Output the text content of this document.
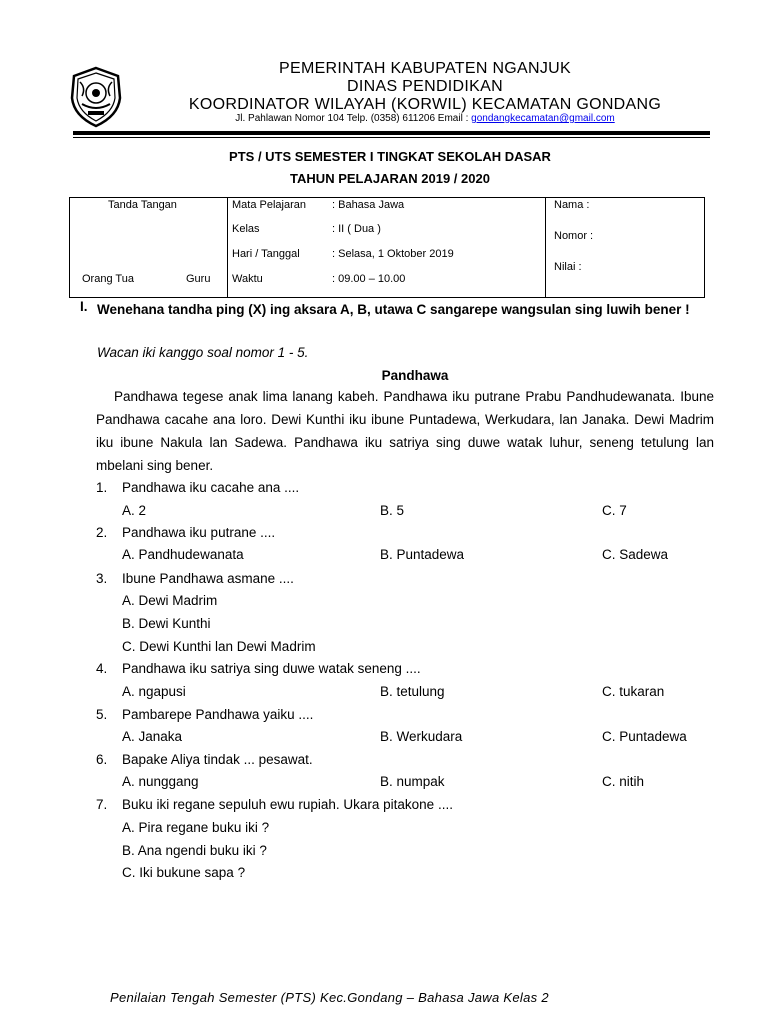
PEMERINTAH KABUPATEN NGANJUK
DINAS PENDIDIKAN
KOORDINATOR WILAYAH (KORWIL) KECAMATAN GONDANG
Jl. Pahlawan Nomor 104 Telp. (0358) 611206 Email : gondangkecamatan@gmail.com
PTS / UTS SEMESTER I TINGKAT SEKOLAH DASAR
TAHUN PELAJARAN 2019 / 2020
Tanda Tangan
Orang Tua	Guru
Mata Pelajaran : Bahasa Jawa
Kelas	: II ( Dua )
Hari / Tanggal	: Selasa, 1 Oktober 2019
Waktu	: 09.00 – 10.00
Nama :
Nomor :
Nilai :
I. Wenehana tandha ping (X) ing aksara A, B, utawa C sangarepe wangsulan sing luwih bener !
Wacan iki kanggo soal nomor 1 - 5.
Pandhawa
Pandhawa tegese anak lima lanang kabeh. Pandhawa iku putrane Prabu Pandhudewanata. Ibune Pandhawa cacahe ana loro. Dewi Kunthi iku ibune Puntadewa, Werkudara, lan Janaka. Dewi Madrim iku ibune Nakula lan Sadewa. Pandhawa iku satriya sing duwe watak luhur, seneng tetulung lan mbelani sing bener.
1. Pandhawa iku cacahe ana ....
A. 2	B. 5	C. 7
2. Pandhawa iku putrane ....
A. Pandhudewanata	B. Puntadewa	C. Sadewa
3. Ibune Pandhawa asmane ....
A. Dewi Madrim
B. Dewi Kunthi
C. Dewi Kunthi lan Dewi Madrim
4. Pandhawa iku satriya sing duwe watak seneng ....
A. ngapusi	B. tetulung	C. tukaran
5. Pambarepe Pandhawa yaiku ....
A. Janaka	B. Werkudara	C. Puntadewa
6. Bapake Aliya tindak ... pesawat.
A. nunggang	B. numpak	C. nitih
7. Buku iki regane sepuluh ewu rupiah. Ukara pitakone ....
A. Pira regane buku iki ?
B. Ana ngendi buku iki ?
C. Iki bukune sapa ?
Penilaian Tengah Semester (PTS) Kec.Gondang – Bahasa Jawa Kelas 2
